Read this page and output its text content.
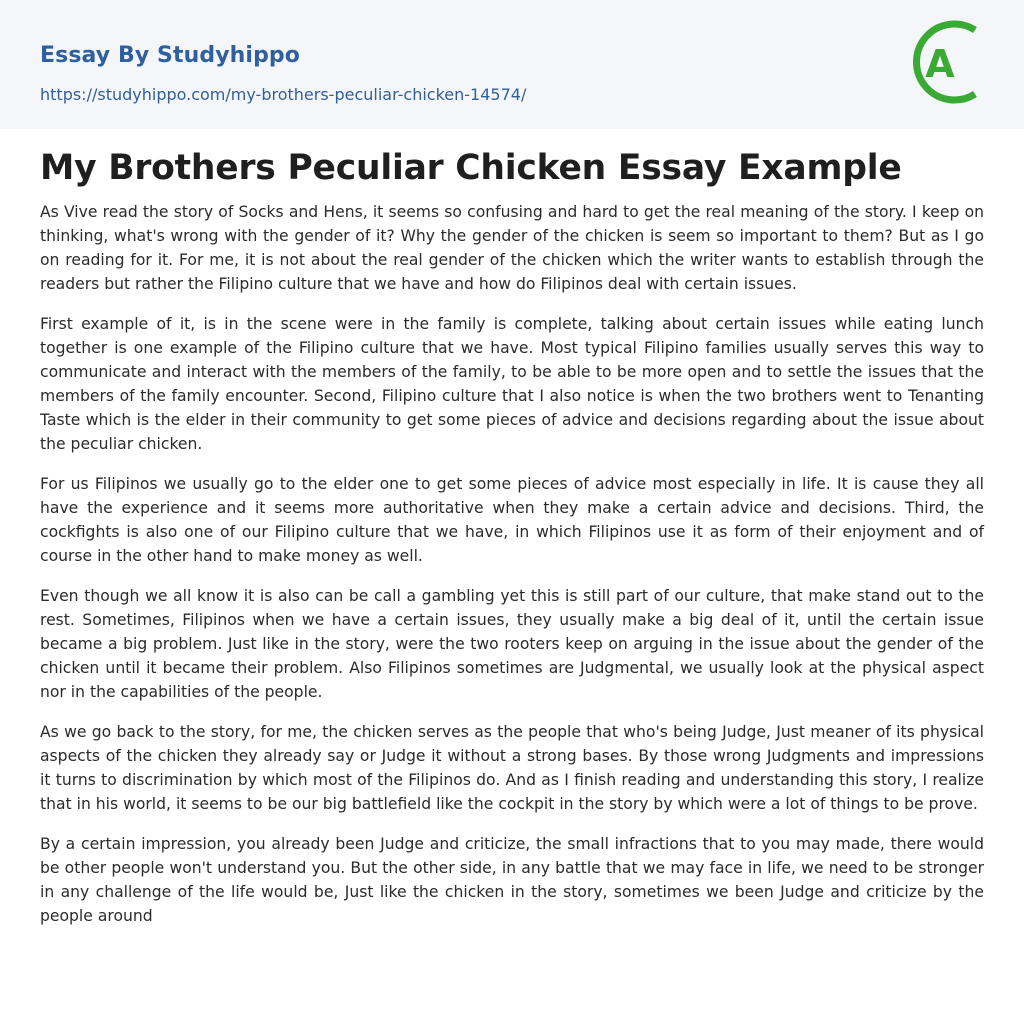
Essay By Studyhippo
https://studyhippo.com/my-brothers-peculiar-chicken-14574/
A
My Brothers Peculiar Chicken Essay Example

As Vive read the story of Socks and Hens, it seems so confusing and hard to get the real meaning of the story. I keep on thinking, what's wrong with the gender of it? Why the gender of the chicken is seem so important to them? But as I go on reading for it. For me, it is not about the real gender of the chicken which the writer wants to establish through the readers but rather the Filipino culture that we have and how do Filipinos deal with certain issues.

First example of it, is in the scene were in the family is complete, talking about certain issues while eating lunch together is one example of the Filipino culture that we have. Most typical Filipino families usually serves this way to communicate and interact with the members of the family, to be able to be more open and to settle the issues that the members of the family encounter. Second, Filipino culture that I also notice is when the two brothers went to Tenanting Taste which is the elder in their community to get some pieces of advice and decisions regarding about the issue about the peculiar chicken.

For us Filipinos we usually go to the elder one to get some pieces of advice most especially in life. It is cause they all have the experience and it seems more authoritative when they make a certain advice and decisions. Third, the cockfights is also one of our Filipino culture that we have, in which Filipinos use it as form of their enjoyment and of course in the other hand to make money as well.

Even though we all know it is also can be call a gambling yet this is still part of our culture, that make stand out to the rest. Sometimes, Filipinos when we have a certain issues, they usually make a big deal of it, until the certain issue became a big problem. Just like in the story, were the two rooters keep on arguing in the issue about the gender of the chicken until it became their problem. Also Filipinos sometimes are Judgmental, we usually look at the physical aspect nor in the capabilities of the people.

As we go back to the story, for me, the chicken serves as the people that who's being Judge, Just meaner of its physical aspects of the chicken they already say or Judge it without a strong bases. By those wrong Judgments and impressions it turns to discrimination by which most of the Filipinos do. And as I finish reading and understanding this story, I realize that in his world, it seems to be our big battlefield like the cockpit in the story by which were a lot of things to be prove.

By a certain impression, you already been Judge and criticize, the small infractions that to you may made, there would be other people won't understand you. But the other side, in any battle that we may face in life, we need to be stronger in any challenge of the life would be, Just like the chicken in the story, sometimes we been Judge and criticize by the people around
